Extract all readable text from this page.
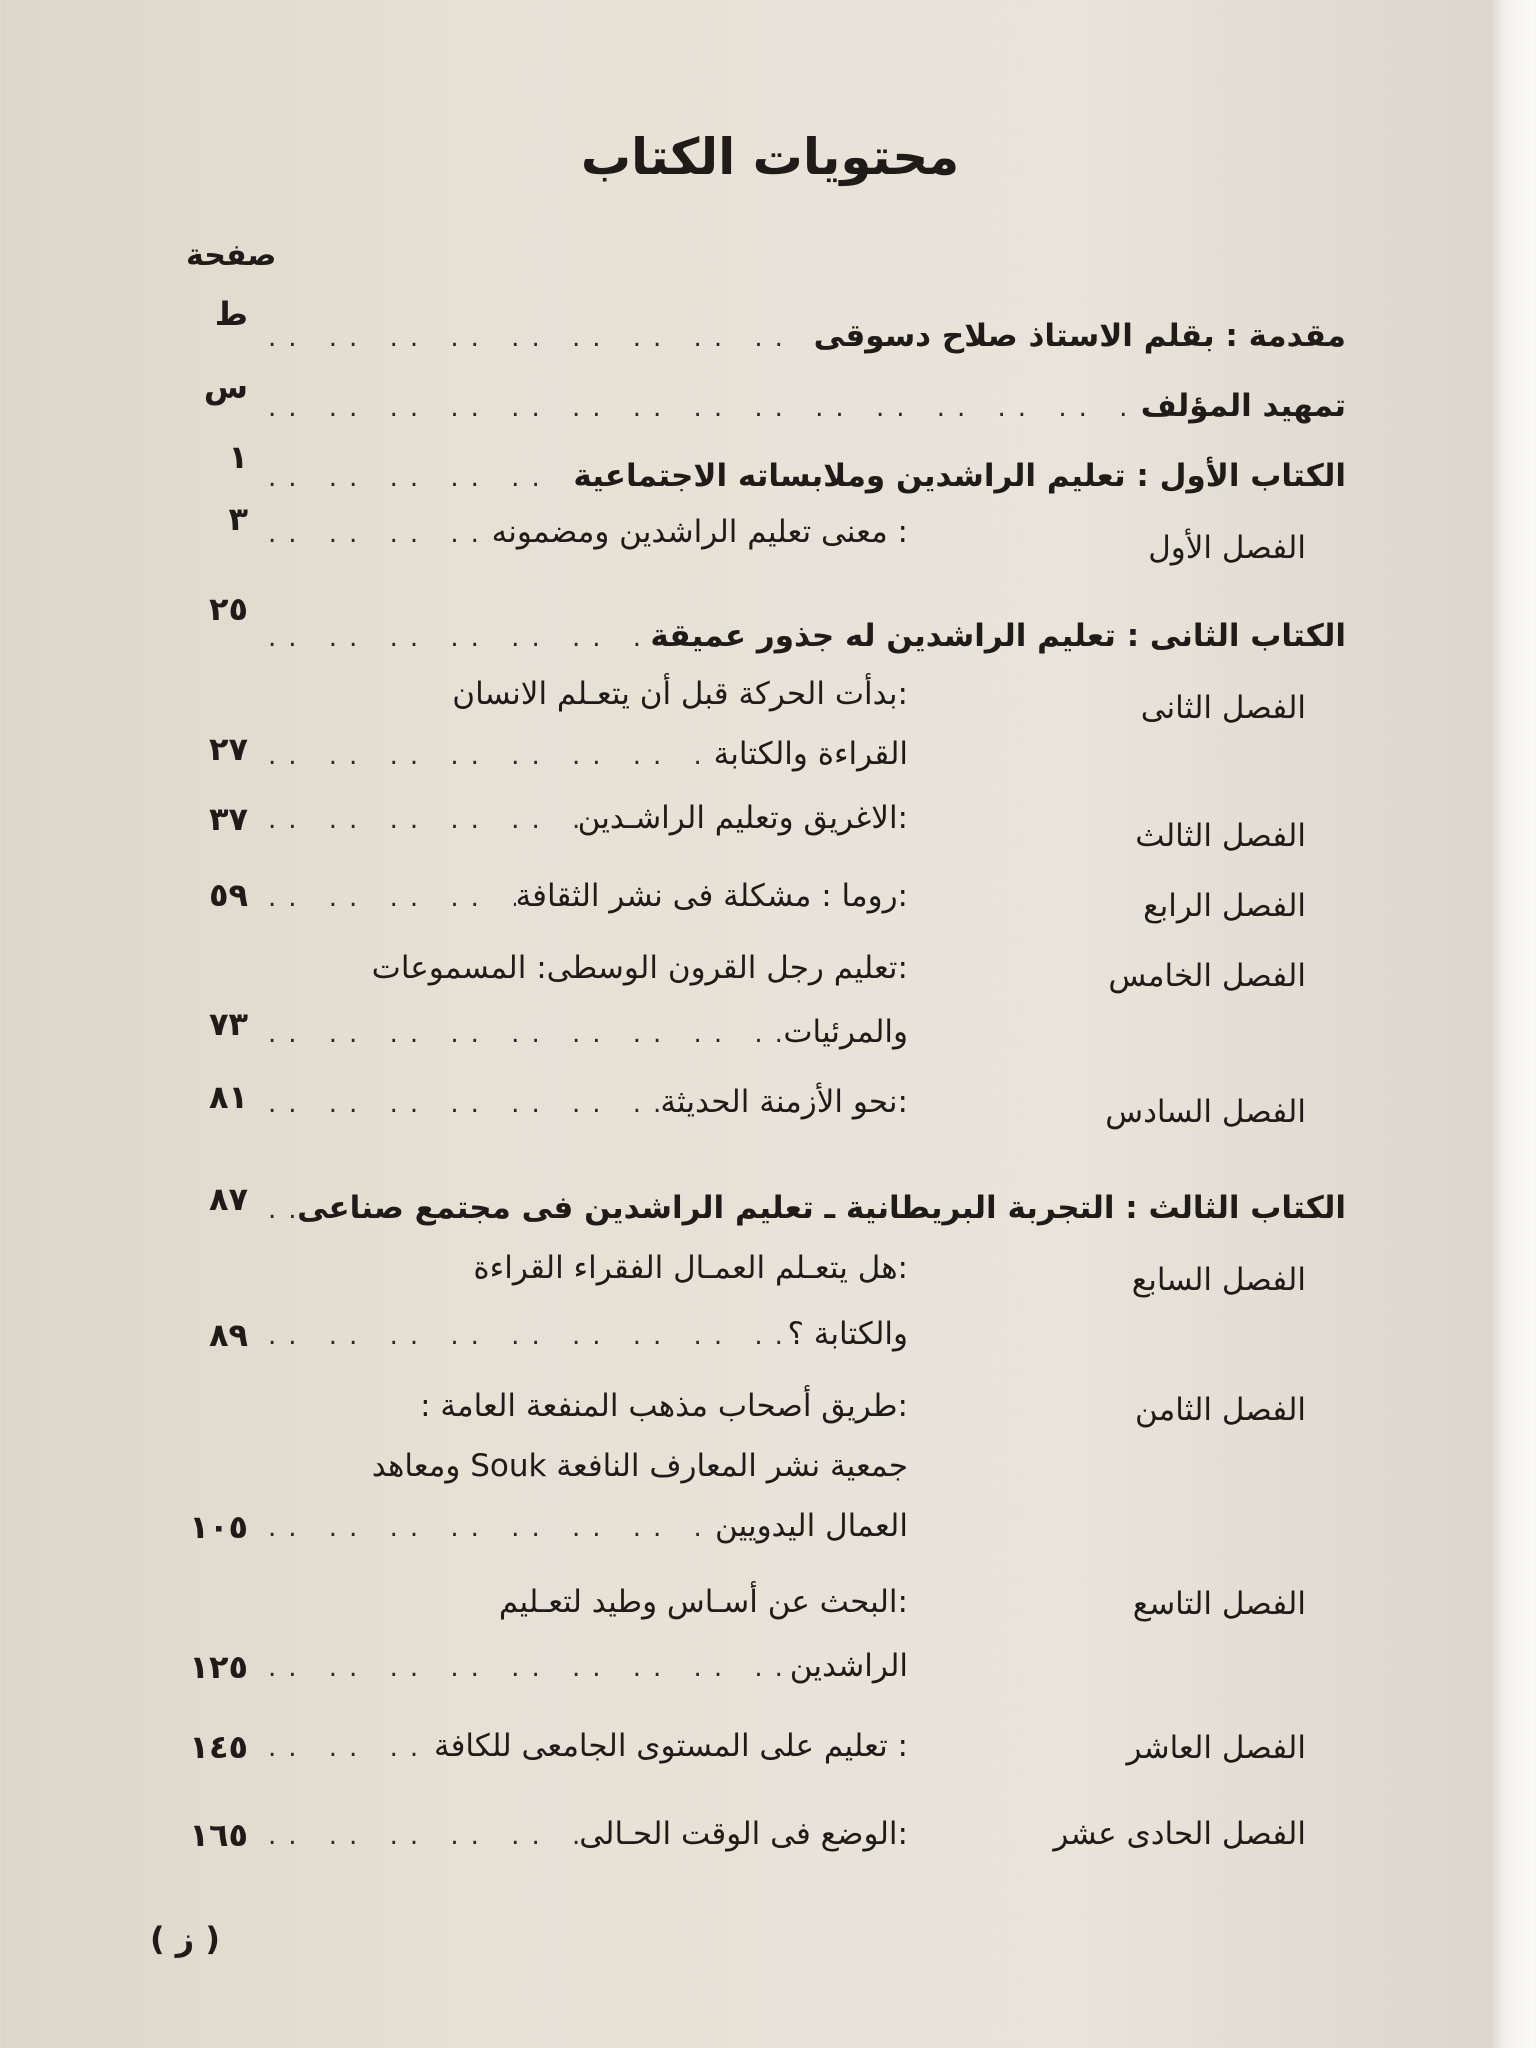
محتويات الكتاب
صفحة
مقدمة : بقلم الاستاذ صلاح دسوقى
.. ..
ط
تمهيد المؤلف
.. ..
س
الكتاب الأول : تعليم الراشدين وملابساته الاجتماعية
.. ..
١
الفصل الأول
: معنى تعليم الراشدين ومضمونه
.. ..
٣
الكتاب الثانى : تعليم الراشدين له جذور عميقة
.. ..
٢٥
الفصل الثانى
:بدأت الحركة قبل أن يتعـلم الانسان
القراءة والكتابة
.. ..
٢٧
الفصل الثالث
:الاغريق وتعليم الراشـدين
.. ..
٣٧
الفصل الرابع
:روما : مشكلة فى نشر الثقافة
.. ..
٥٩
الفصل الخامس
:تعليم رجل القرون الوسطى: المسموعات
والمرئيات
.. ..
٧٣
الفصل السادس
:نحو الأزمنة الحديثة
.. ..
٨١
الكتاب الثالث : التجربة البريطانية ـ تعليم الراشدين فى مجتمع صناعى
.. ..
٨٧
الفصل السابع
:هل يتعـلم العمـال الفقراء القراءة
والكتابة ؟
.. ..
٨٩
الفصل الثامن
:طريق أصحاب مذهب المنفعة العامة :
جمعية نشر المعارف النافعة Souk ومعاهد
العمال اليدويين
.. ..
١٠٥
الفصل التاسع
:البحث عن أسـاس وطيد لتعـليم
الراشدين
.. ..
١٢٥
الفصل العاشر
: تعليم على المستوى الجامعى للكافة
.. ..
١٤٥
الفصل الحادى عشر
:الوضع فى الوقت الحـالى
.. ..
١٦٥
( ز )
